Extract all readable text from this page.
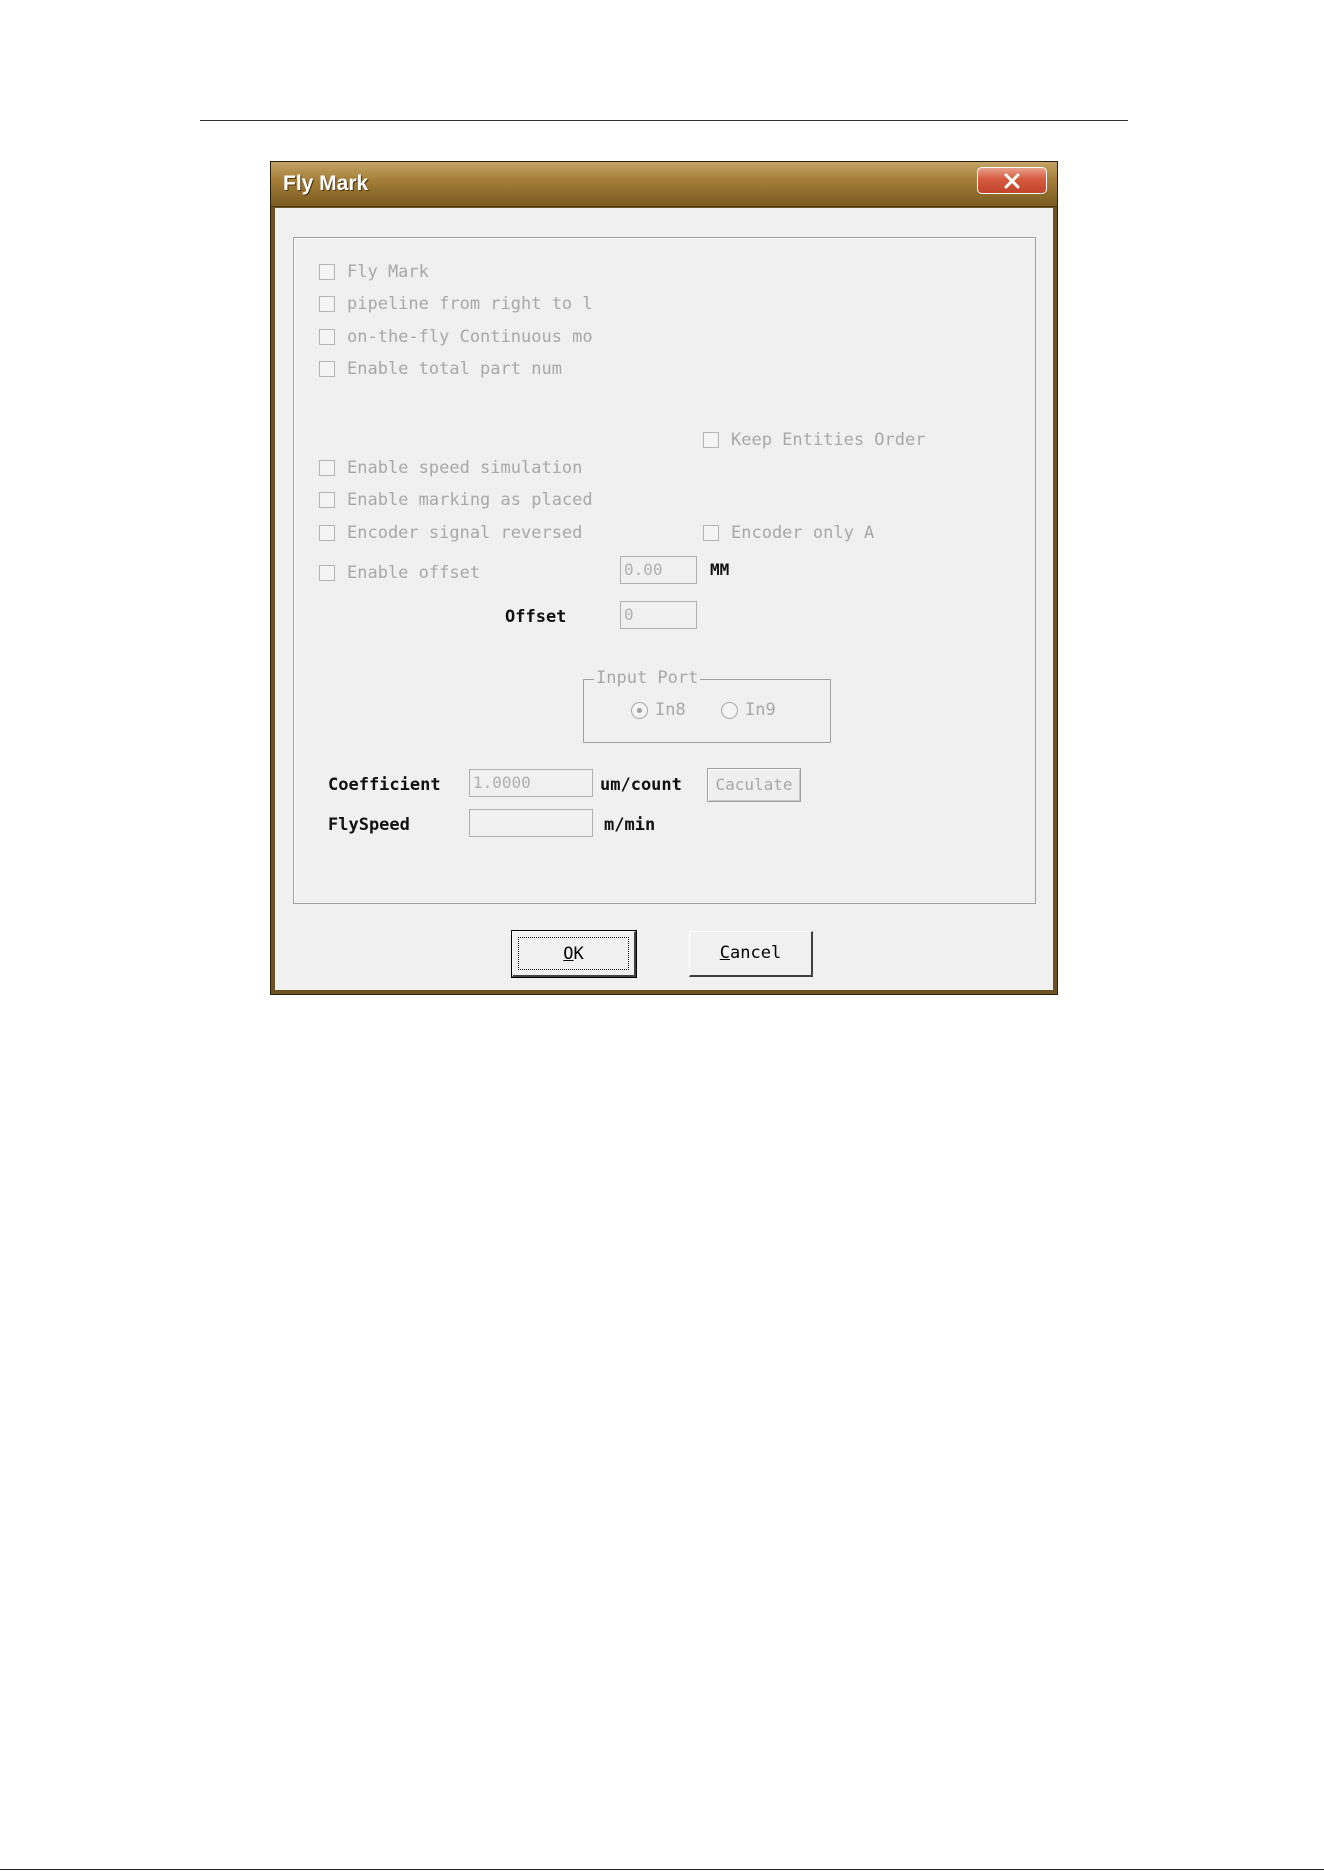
Fly Mark
Fly Mark
pipeline from right to l
on-the-fly Continuous mo
Enable total part num
Keep Entities Order
Enable speed simulation
Enable marking as placed
Encoder signal reversed	Encoder only A
Enable offset	0.00	MM
Offset	0
Input Port
In8	In9
Coefficient 1.0000	um/count	Caculate
FlySpeed	m/min
OK	Cancel
